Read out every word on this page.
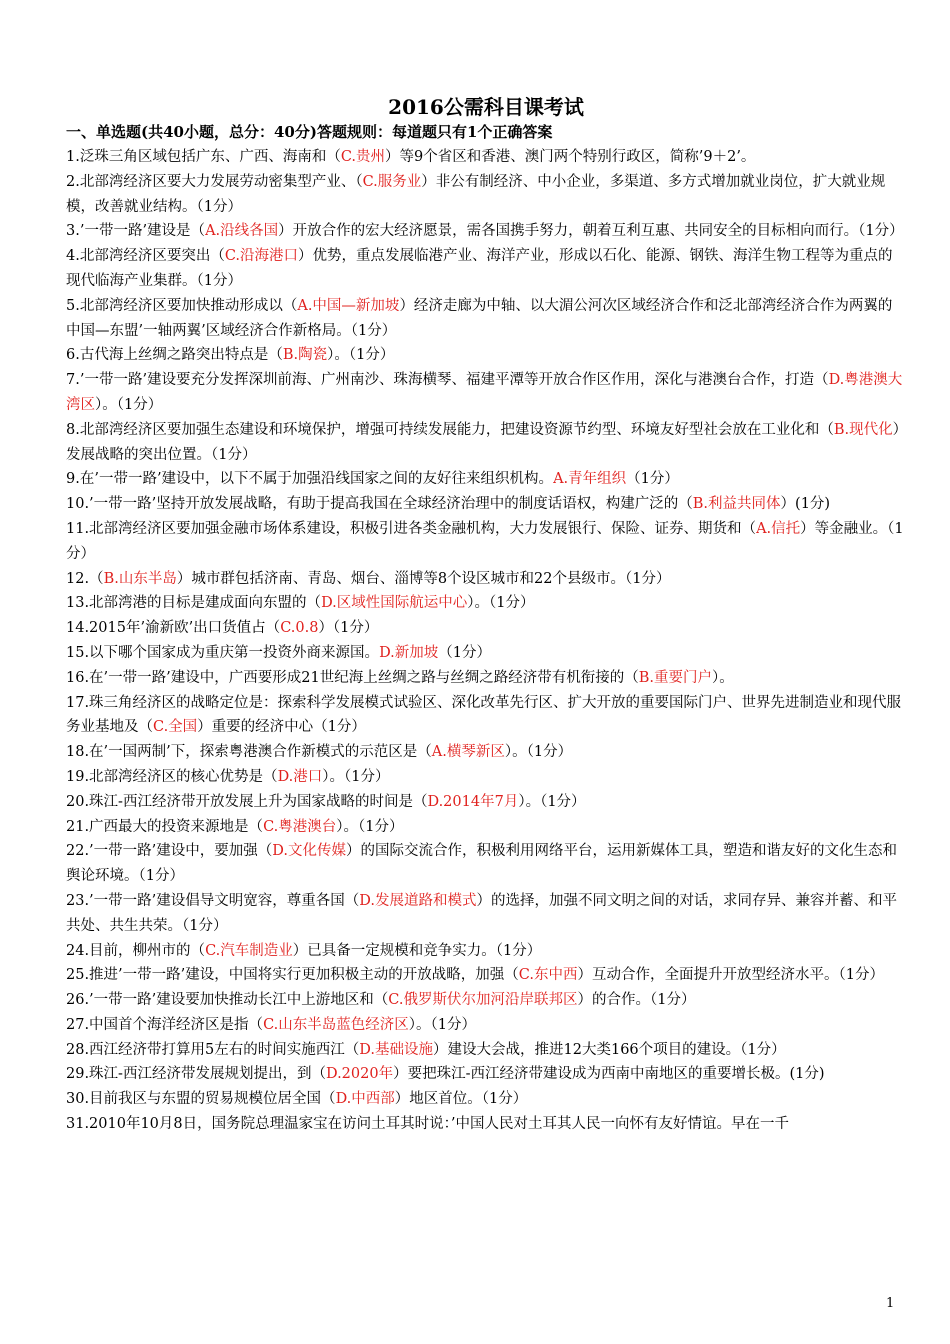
2016公需科目课考试
一、单选题(共40小题，总分：40分)答题规则：每道题只有1个正确答案
1.泛珠三角区域包括广东、广西、海南和（C.贵州）等9个省区和香港、澳门两个特别行政区，简称’9＋2’。
2.北部湾经济区要大力发展劳动密集型产业、（C.服务业）非公有制经济、中小企业，多渠道、多方式增加就业岗位，扩大就业规模，改善就业结构。（1分）
3.’一带一路’建设是（A.沿线各国）开放合作的宏大经济愿景，需各国携手努力，朝着互利互惠、共同安全的目标相向而行。（1分）
4.北部湾经济区要突出（C.沿海港口）优势，重点发展临港产业、海洋产业，形成以石化、能源、钢铁、海洋生物工程等为重点的现代临海产业集群。（1分）
5.北部湾经济区要加快推动形成以（A.中国—新加坡）经济走廊为中轴、以大湄公河次区域经济合作和泛北部湾经济合作为两翼的中国—东盟’一轴两翼’区域经济合作新格局。（1分）
6.古代海上丝绸之路突出特点是（B.陶瓷）。（1分）
7.’一带一路’建设要充分发挥深圳前海、广州南沙、珠海横琴、福建平潭等开放合作区作用，深化与港澳台合作，打造（D.粤港澳大湾区）。（1分）
8.北部湾经济区要加强生态建设和环境保护，增强可持续发展能力，把建设资源节约型、环境友好型社会放在工业化和（B.现代化）发展战略的突出位置。（1分）
9.在’一带一路’建设中，以下不属于加强沿线国家之间的友好往来组织机构。A.青年组织（1分）
10.’一带一路’坚持开放发展战略，有助于提高我国在全球经济治理中的制度话语权，构建广泛的（B.利益共同体）(1分)
11.北部湾经济区要加强金融市场体系建设，积极引进各类金融机构，大力发展银行、保险、证券、期货和（A.信托）等金融业。（1分）
12.（B.山东半岛）城市群包括济南、青岛、烟台、淄博等8个设区城市和22个县级市。（1分）
13.北部湾港的目标是建成面向东盟的（D.区域性国际航运中心）。（1分）
14.2015年’渝新欧’出口货值占（C.0.8）（1分）
15.以下哪个国家成为重庆第一投资外商来源国。D.新加坡（1分）
16.在’一带一路’建设中，广西要形成21世纪海上丝绸之路与丝绸之路经济带有机衔接的（B.重要门户）。
17.珠三角经济区的战略定位是：探索科学发展模式试验区、深化改革先行区、扩大开放的重要国际门户、世界先进制造业和现代服务业基地及（C.全国）重要的经济中心（1分）
18.在’一国两制’下，探索粤港澳合作新模式的示范区是（A.横琴新区）。（1分）
19.北部湾经济区的核心优势是（D.港口）。（1分）
20.珠江-西江经济带开放发展上升为国家战略的时间是（D.2014年7月）。（1分）
21.广西最大的投资来源地是（C.粤港澳台）。（1分）
22.’一带一路’建设中，要加强（D.文化传媒）的国际交流合作，积极利用网络平台，运用新媒体工具，塑造和谐友好的文化生态和舆论环境。（1分）
23.’一带一路’建设倡导文明宽容，尊重各国（D.发展道路和模式）的选择，加强不同文明之间的对话，求同存异、兼容并蓄、和平共处、共生共荣。（1分）
24.目前，柳州市的（C.汽车制造业）已具备一定规模和竞争实力。（1分）
25.推进’一带一路’建设，中国将实行更加积极主动的开放战略，加强（C.东中西）互动合作，全面提升开放型经济水平。（1分）
26.’一带一路’建设要加快推动长江中上游地区和（C.俄罗斯伏尔加河沿岸联邦区）的合作。（1分）
27.中国首个海洋经济区是指（C.山东半岛蓝色经济区）。（1分）
28.西江经济带打算用5左右的时间实施西江（D.基础设施）建设大会战，推进12大类166个项目的建设。（1分）
29.珠江-西江经济带发展规划提出，到（D.2020年）要把珠江-西江经济带建设成为西南中南地区的重要增长极。(1分)
30.目前我区与东盟的贸易规模位居全国（D.中西部）地区首位。（1分）
31.2010年10月8日，国务院总理温家宝在访问土耳其时说：’中国人民对土耳其人民一向怀有友好情谊。早在一千
1
